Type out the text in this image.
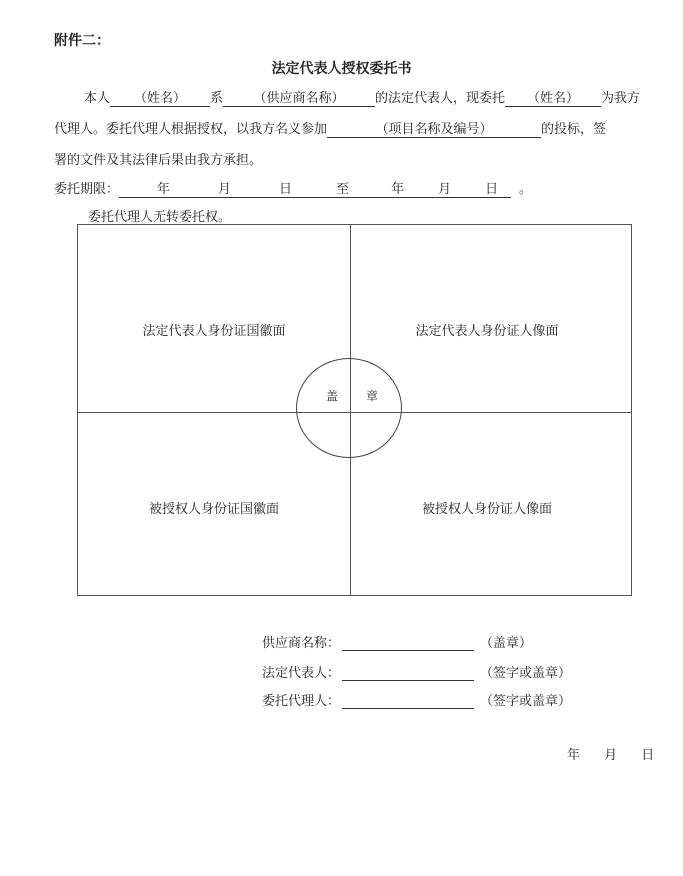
附件二：
法定代表人授权委托书
本人 （姓名） 系 （供应商名称） 的法定代表人，现委托 （姓名） 为我方
代理人。委托代理人根据授权，以我方名义参加	（项目名称及编号）	的投标，签
署的文件及其法律后果由我方承担。
委托期限：	年	月	日	至	年	月	日 。
委托代理人无转委托权。
法定代表人身份证国徽面	法定代表人身份证人像面
被授权人身份证国徽面	被授权人身份证人像面
盖 章
供应商名称：	（盖章）
法定代表人：	（签字或盖章）
委托代理人：	（签字或盖章）
年 月 日
